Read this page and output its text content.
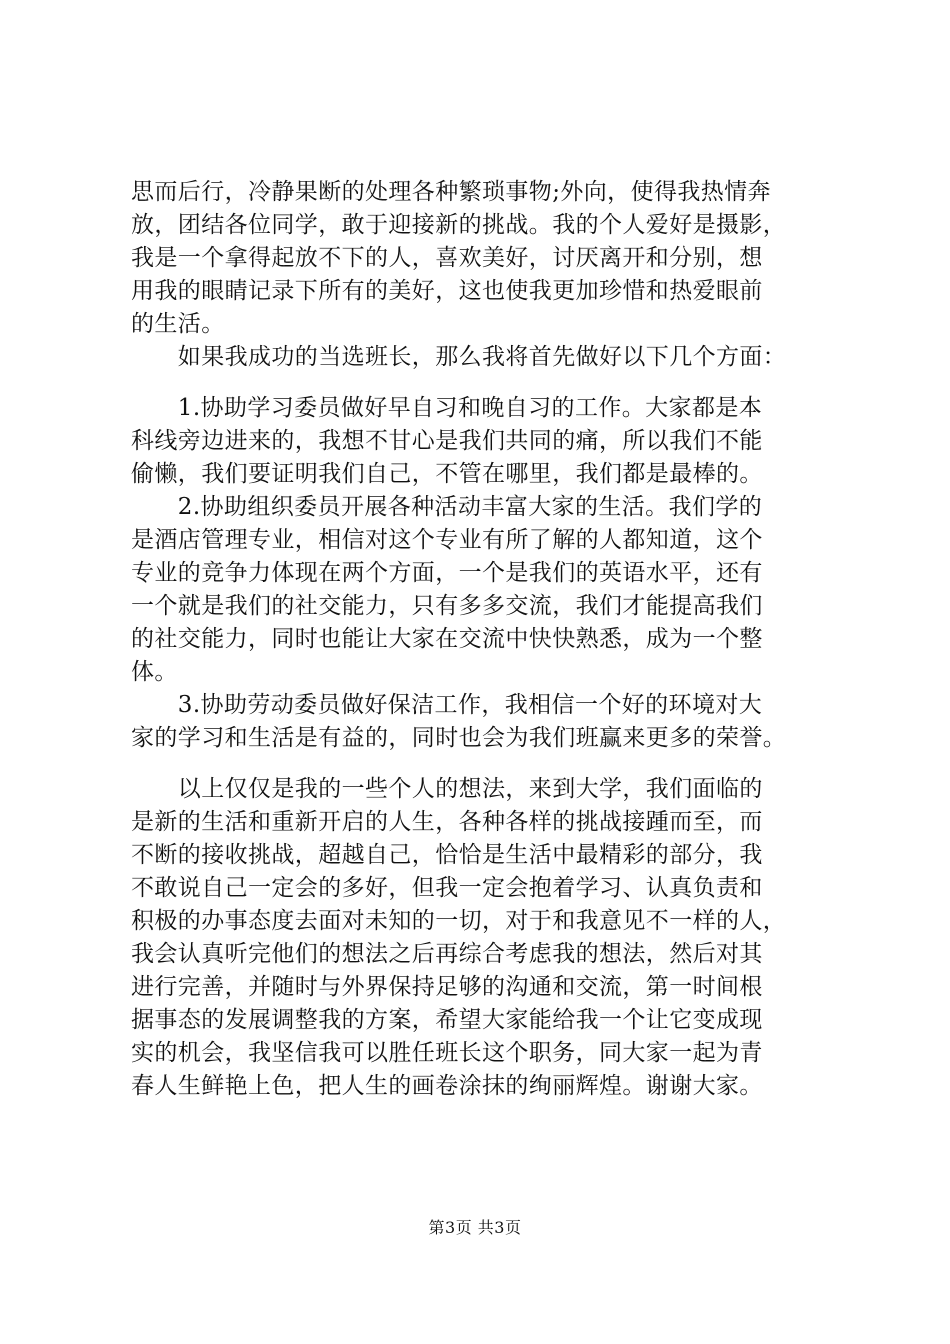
思而后行，冷静果断的处理各种繁琐事物;外向，使得我热情奔
放，团结各位同学，敢于迎接新的挑战。我的个人爱好是摄影，
我是一个拿得起放不下的人，喜欢美好，讨厌离开和分别，想
用我的眼睛记录下所有的美好，这也使我更加珍惜和热爱眼前
的生活。
　　如果我成功的当选班长，那么我将首先做好以下几个方面：
　　1.协助学习委员做好早自习和晚自习的工作。大家都是本
科线旁边进来的，我想不甘心是我们共同的痛，所以我们不能
偷懒，我们要证明我们自己，不管在哪里，我们都是最棒的。
　　2.协助组织委员开展各种活动丰富大家的生活。我们学的
是酒店管理专业，相信对这个专业有所了解的人都知道，这个
专业的竞争力体现在两个方面，一个是我们的英语水平，还有
一个就是我们的社交能力，只有多多交流，我们才能提高我们
的社交能力，同时也能让大家在交流中快快熟悉，成为一个整
体。
　　3.协助劳动委员做好保洁工作，我相信一个好的环境对大
家的学习和生活是有益的，同时也会为我们班赢来更多的荣誉。
　　以上仅仅是我的一些个人的想法，来到大学，我们面临的
是新的生活和重新开启的人生，各种各样的挑战接踵而至，而
不断的接收挑战，超越自己，恰恰是生活中最精彩的部分，我
不敢说自己一定会的多好，但我一定会抱着学习、认真负责和
积极的办事态度去面对未知的一切，对于和我意见不一样的人，
我会认真听完他们的想法之后再综合考虑我的想法，然后对其
进行完善，并随时与外界保持足够的沟通和交流，第一时间根
据事态的发展调整我的方案，希望大家能给我一个让它变成现
实的机会，我坚信我可以胜任班长这个职务，同大家一起为青
春人生鲜艳上色，把人生的画卷涂抹的绚丽辉煌。谢谢大家。
第3页 共3页
